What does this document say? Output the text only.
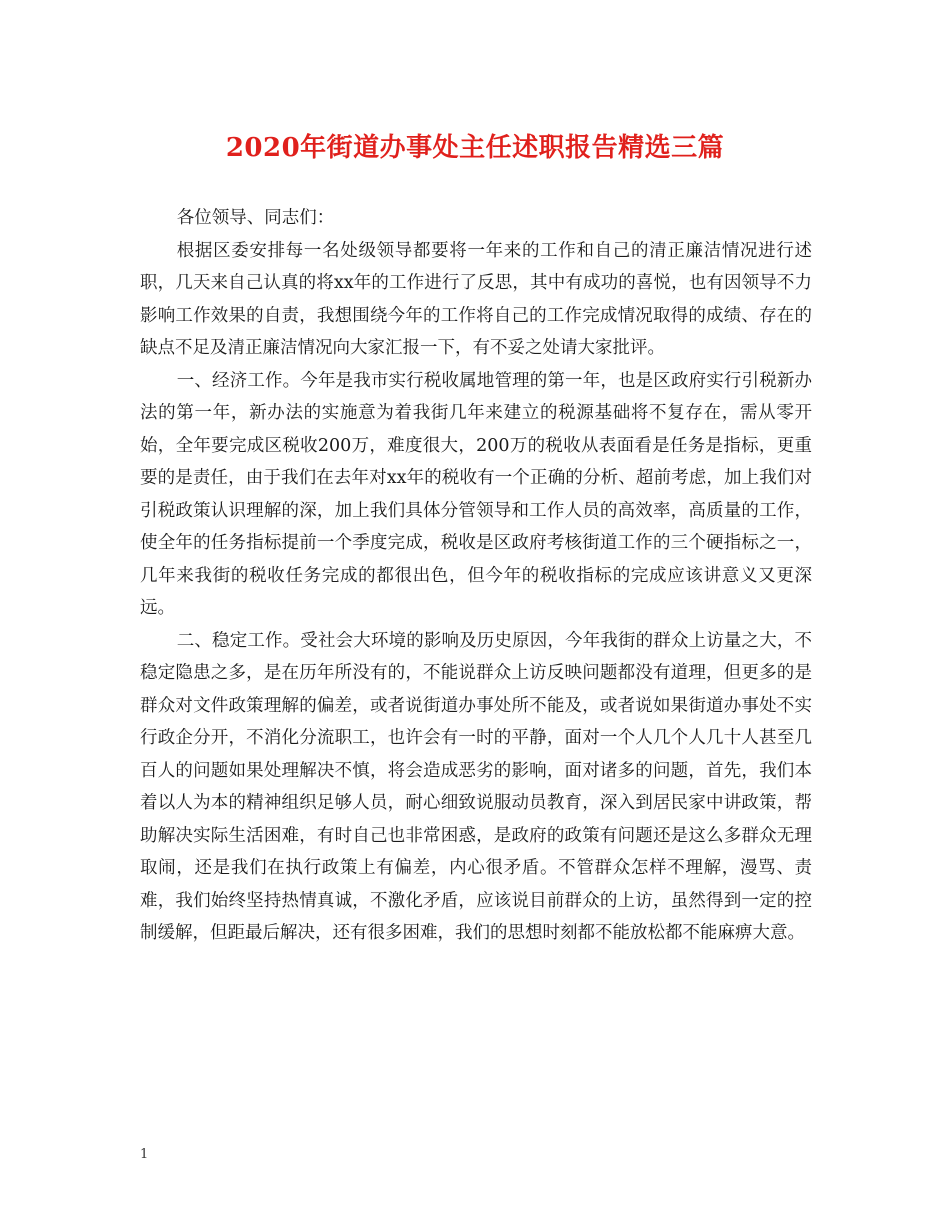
2020年街道办事处主任述职报告精选三篇

各位领导、同志们：

根据区委安排每一名处级领导都要将一年来的工作和自己的清正廉洁情况进行述职，几天来自己认真的将xx年的工作进行了反思，其中有成功的喜悦，也有因领导不力影响工作效果的自责，我想围绕今年的工作将自己的工作完成情况取得的成绩、存在的缺点不足及清正廉洁情况向大家汇报一下，有不妥之处请大家批评。

一、经济工作。今年是我市实行税收属地管理的第一年，也是区政府实行引税新办法的第一年，新办法的实施意为着我街几年来建立的税源基础将不复存在，需从零开始，全年要完成区税收200万，难度很大，200万的税收从表面看是任务是指标，更重要的是责任，由于我们在去年对xx年的税收有一个正确的分析、超前考虑，加上我们对引税政策认识理解的深，加上我们具体分管领导和工作人员的高效率，高质量的工作，使全年的任务指标提前一个季度完成，税收是区政府考核街道工作的三个硬指标之一，几年来我街的税收任务完成的都很出色，但今年的税收指标的完成应该讲意义又更深远。

二、稳定工作。受社会大环境的影响及历史原因，今年我街的群众上访量之大，不稳定隐患之多，是在历年所没有的，不能说群众上访反映问题都没有道理，但更多的是群众对文件政策理解的偏差，或者说街道办事处所不能及，或者说如果街道办事处不实行政企分开，不消化分流职工，也许会有一时的平静，面对一个人几个人几十人甚至几百人的问题如果处理解决不慎，将会造成恶劣的影响，面对诸多的问题，首先，我们本着以人为本的精神组织足够人员，耐心细致说服动员教育，深入到居民家中讲政策，帮助解决实际生活困难，有时自己也非常困惑，是政府的政策有问题还是这么多群众无理取闹，还是我们在执行政策上有偏差，内心很矛盾。不管群众怎样不理解，漫骂、责难，我们始终坚持热情真诚，不激化矛盾，应该说目前群众的上访，虽然得到一定的控制缓解，但距最后解决，还有很多困难，我们的思想时刻都不能放松都不能麻痹大意。

1
